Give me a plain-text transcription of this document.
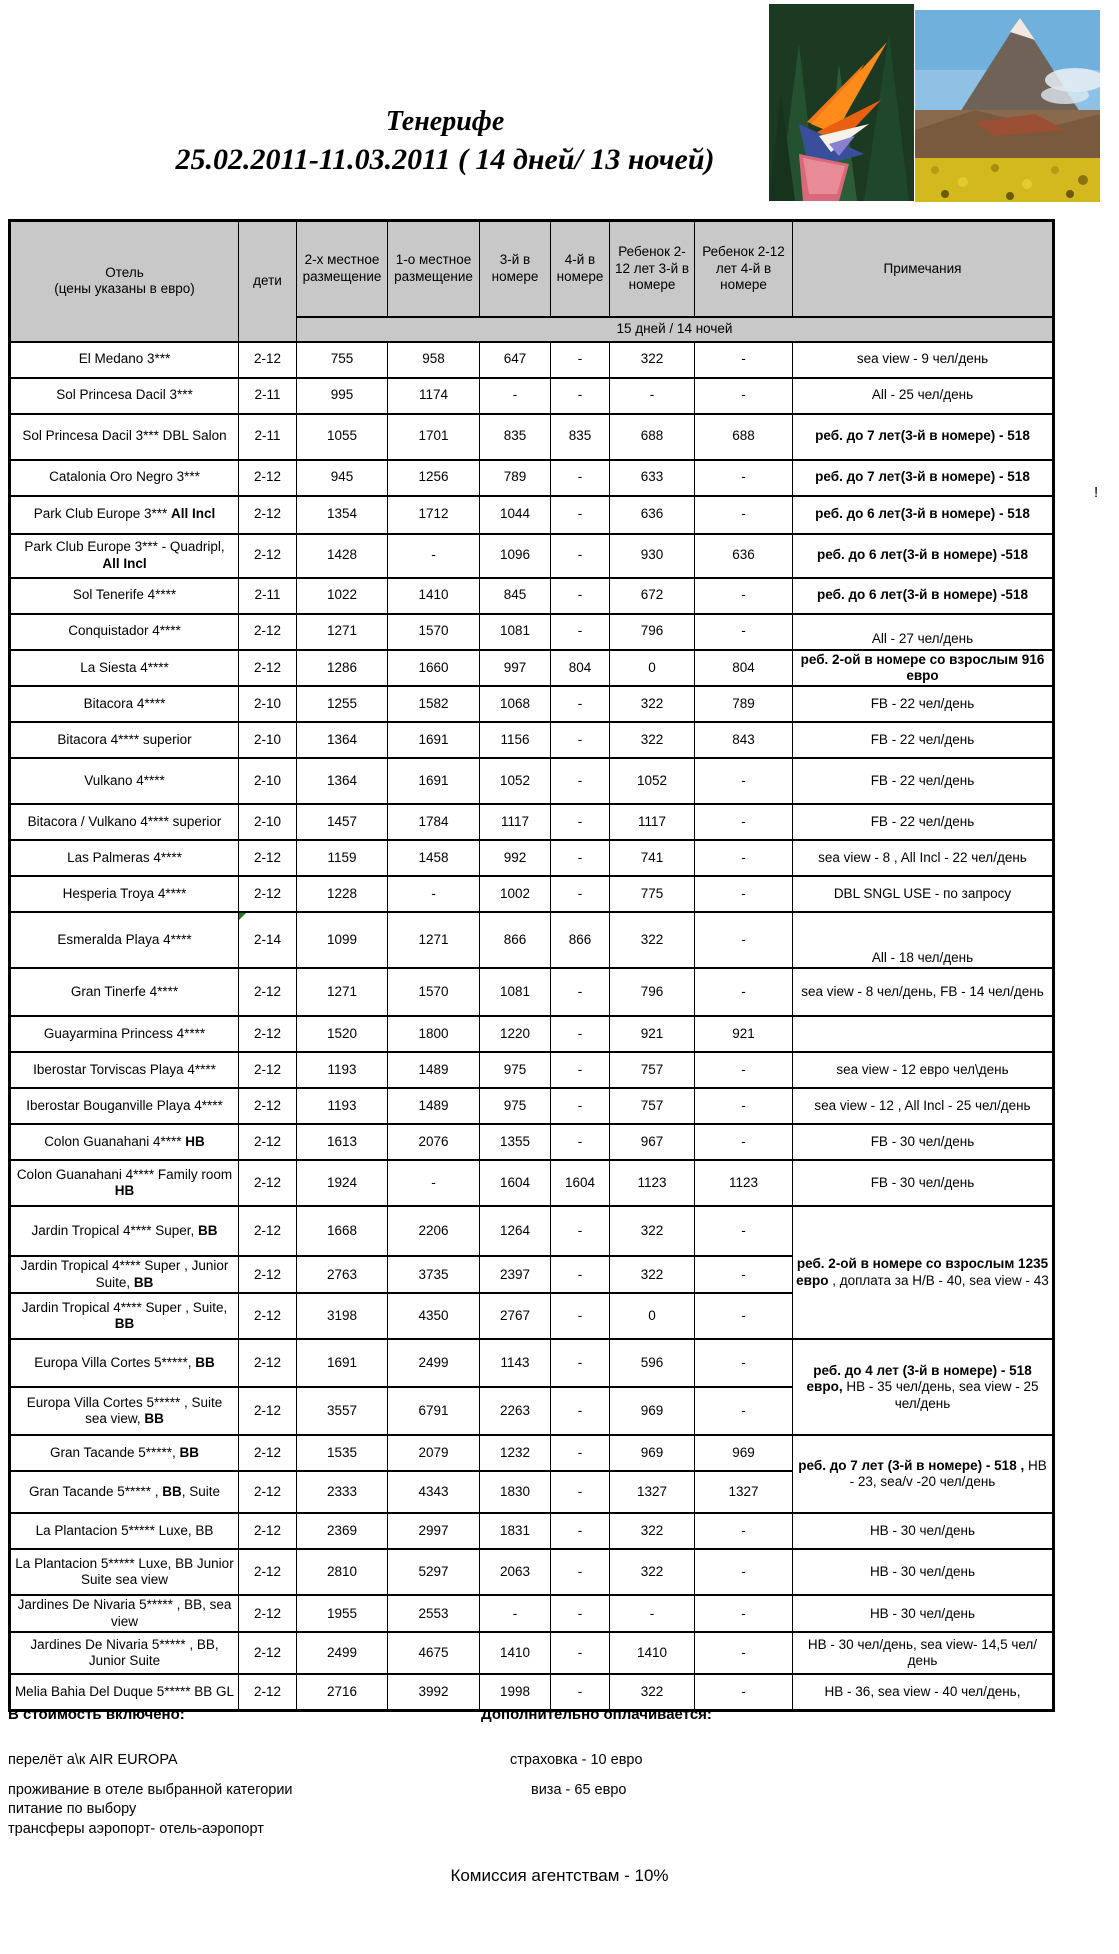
Тенерифе
25.02.2011-11.03.2011 ( 14 дней/ 13 ночей)
Отель
(цены указаны в евро)	дети	2-х местное размещение	1-о местное размещение	3-й в номере	4-й в номере	Ребенок 2-12 лет 3-й в номере	Ребенок 2-12 лет 4-й в номере	Примечания
		15 дней / 14 ночей						
El Medano 3***	2-12	755	958	647	-	322	-	sea view - 9 чел/день
Sol Princesa Dacil 3***	2-11	995	1174	-	-	-	-	All - 25 чел/день
Sol Princesa Dacil 3*** DBL Salon	2-11	1055	1701	835	835	688	688	реб. до 7 лет(3-й в номере) - 518
Catalonia Oro Negro 3***	2-12	945	1256	789	-	633	-	реб. до 7 лет(3-й в номере) - 518
Park Club Europe 3*** All Incl	2-12	1354	1712	1044	-	636	-	реб. до 6 лет(3-й в номере) - 518
Park Club Europe 3*** - Quadripl, All Incl	2-12	1428	-	1096	-	930	636	реб. до 6 лет(3-й в номере) -518
Sol Tenerife 4****	2-11	1022	1410	845	-	672	-	реб. до 6 лет(3-й в номере) -518
Conquistador 4****	2-12	1271	1570	1081	-	796	-	All - 27 чел/день
La Siesta 4****	2-12	1286	1660	997	804	0	804	реб. 2-ой в номере со взрослым 916 евро
Bitacora 4****	2-10	1255	1582	1068	-	322	789	FB - 22 чел/день
Bitacora 4**** superior	2-10	1364	1691	1156	-	322	843	FB - 22 чел/день
Vulkano 4****	2-10	1364	1691	1052	-	1052	-	FB - 22 чел/день
Bitacora / Vulkano 4**** superior	2-10	1457	1784	1117	-	1117	-	FB - 22 чел/день
Las Palmeras 4****	2-12	1159	1458	992	-	741	-	sea view - 8 , All Incl - 22 чел/день
Hesperia Troya 4****	2-12	1228	-	1002	-	775	-	DBL SNGL USE - по запросу
Esmeralda Playa 4****	2-14	1099	1271	866	866	322	-	All - 18 чел/день
Gran Tinerfe 4****	2-12	1271	1570	1081	-	796	-	sea view - 8 чел/день, FB - 14 чел/день
Guayarmina Princess 4****	2-12	1520	1800	1220	-	921	921	
Iberostar Torviscas Playa 4****	2-12	1193	1489	975	-	757	-	sea view - 12 евро чел\день
Iberostar Bouganville Playa 4****	2-12	1193	1489	975	-	757	-	sea view - 12 , All Incl - 25 чел/день
Colon Guanahani 4**** HB	2-12	1613	2076	1355	-	967	-	FB - 30 чел/день
Colon Guanahani 4**** Family room HB	2-12	1924	-	1604	1604	1123	1123	FB - 30 чел/день
Jardin Tropical 4**** Super, BB	2-12	1668	2206	1264	-	322	-	реб. 2-ой в номере со взрослым 1235 евро , доплата за H/B - 40, sea view - 43
Jardin Tropical 4**** Super , Junior Suite, BB	2-12	2763	3735	2397	-	322	-	
Jardin Tropical 4**** Super , Suite, BB	2-12	3198	4350	2767	-	0	-	
Europa Villa Cortes 5*****, BB	2-12	1691	2499	1143	-	596	-	реб. до 4 лет (3-й в номере) - 518 евро, HB - 35 чел/день, sea view - 25 чел/день
Europa Villa Cortes 5***** , Suite sea view, BB	2-12	3557	6791	2263	-	969	-	
Gran Tacande 5*****, BB	2-12	1535	2079	1232	-	969	969	реб. до 7 лет (3-й в номере) - 518 , HB - 23, sea/v -20 чел/день
Gran Tacande 5***** , BB, Suite	2-12	2333	4343	1830	-	1327	1327	
La Plantacion 5***** Luxe, BB	2-12	2369	2997	1831	-	322	-	HB - 30 чел/день
La Plantacion 5***** Luxe, BB Junior Suite sea view	2-12	2810	5297	2063	-	322	-	HB - 30 чел/день
Jardines De Nivaria 5***** , BB, sea view	2-12	1955	2553	-	-	-	-	HB - 30 чел/день
Jardines De Nivaria 5***** , BB, Junior Suite	2-12	2499	4675	1410	-	1410	-	HB - 30 чел/день, sea view- 14,5 чел/день
Melia Bahia Del Duque 5***** BB GL	2-12	2716	3992	1998	-	322	-	HB - 36, sea view - 40 чел/день,
!
В стоимость включено:
перелёт а\к AIR EUROPA
проживание в отеле выбранной категории
питание по выбору
трансферы аэропорт- отель-аэропорт
Дополнительно оплачивается:
страховка - 10 евро
виза - 65 евро
Комиссия агентствам - 10%
